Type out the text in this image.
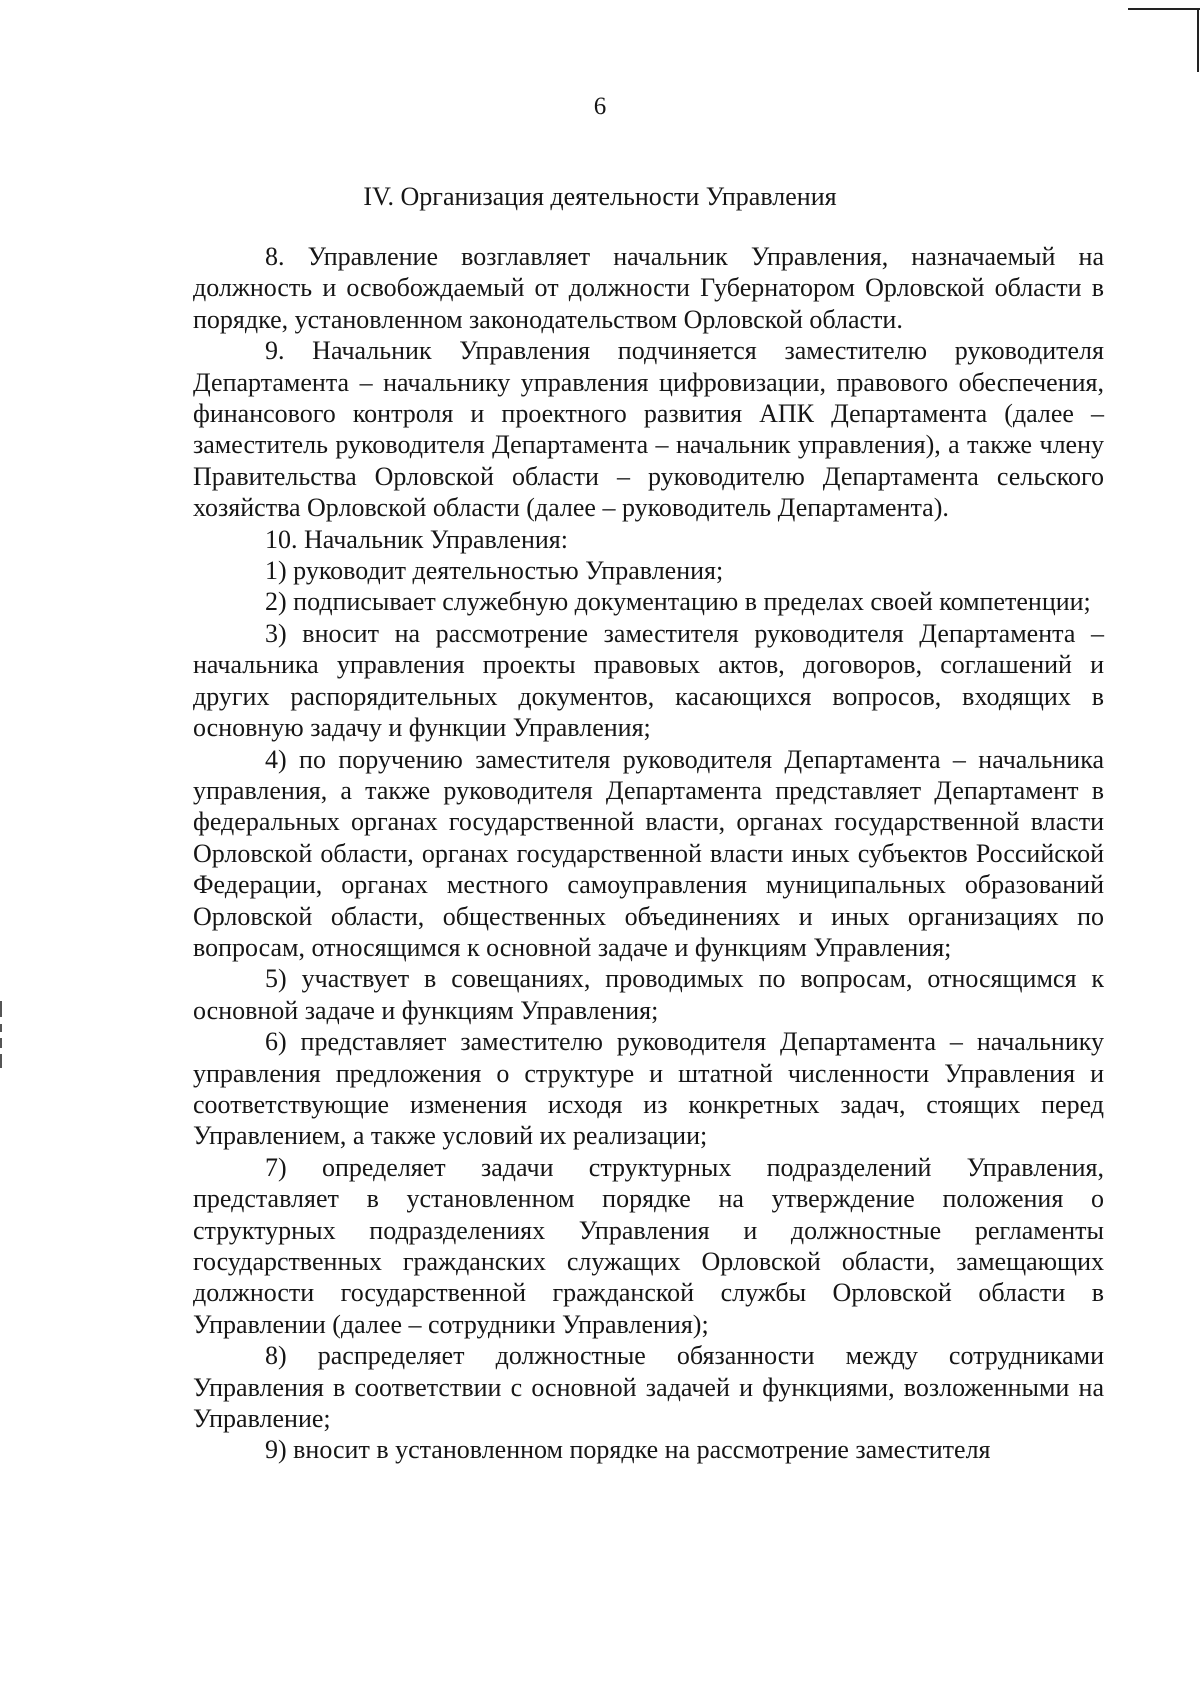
6
IV. Организация деятельности Управления

8. Управление возглавляет начальник Управления, назначаемый на должность и освобождаемый от должности Губернатором Орловской области в порядке, установленном законодательством Орловской области.

9. Начальник Управления подчиняется заместителю руководителя Департамента – начальнику управления цифровизации, правового обеспечения, финансового контроля и проектного развития АПК Департамента (далее – заместитель руководителя Департамента – начальник управления), а также члену Правительства Орловской области – руководителю Департамента сельского хозяйства Орловской области (далее – руководитель Департамента).

10. Начальник Управления:

1) руководит деятельностью Управления;

2) подписывает служебную документацию в пределах своей компетенции;

3) вносит на рассмотрение заместителя руководителя Департамента – начальника управления проекты правовых актов, договоров, соглашений и других распорядительных документов, касающихся вопросов, входящих в основную задачу и функции Управления;

4) по поручению заместителя руководителя Департамента – начальника управления, а также руководителя Департамента представляет Департамент в федеральных органах государственной власти, органах государственной власти Орловской области, органах государственной власти иных субъектов Российской Федерации, органах местного самоуправления муниципальных образований Орловской области, общественных объединениях и иных организациях по вопросам, относящимся к основной задаче и функциям Управления;

5) участвует в совещаниях, проводимых по вопросам, относящимся к основной задаче и функциям Управления;

6) представляет заместителю руководителя Департамента – начальнику управления предложения о структуре и штатной численности Управления и соответствующие изменения исходя из конкретных задач, стоящих перед Управлением, а также условий их реализации;

7) определяет задачи структурных подразделений Управления, представляет в установленном порядке на утверждение положения о структурных подразделениях Управления и должностные регламенты государственных гражданских служащих Орловской области, замещающих должности государственной гражданской службы Орловской области в Управлении (далее – сотрудники Управления);

8) распределяет должностные обязанности между сотрудниками Управления в соответствии с основной задачей и функциями, возложенными на Управление;

9) вносит в установленном порядке на рассмотрение заместителя
